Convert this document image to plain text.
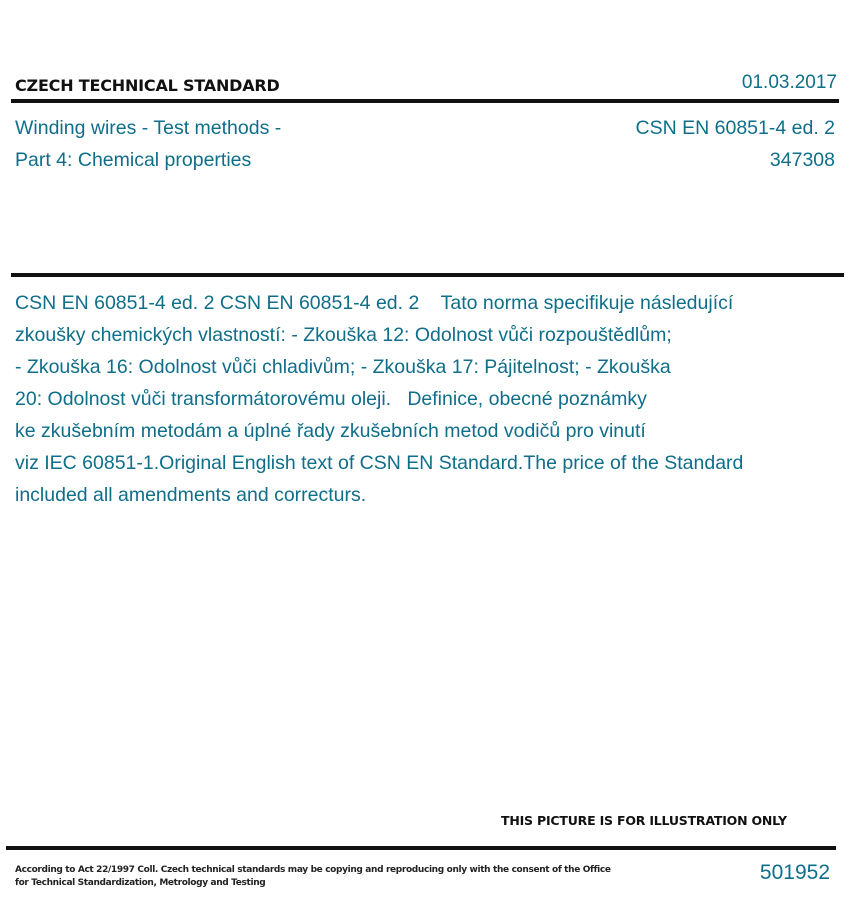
CZECH TECHNICAL STANDARD	01.03.2017
Winding wires - Test methods -
Part 4: Chemical properties
CSN EN 60851-4 ed. 2
347308
CSN EN 60851-4 ed. 2 CSN EN 60851-4 ed. 2    Tato norma specifikuje následující
zkoušky chemických vlastností: - Zkouška 12: Odolnost vůči rozpouštědlům;
- Zkouška 16: Odolnost vůči chladivům; - Zkouška 17: Pájitelnost; - Zkouška
20: Odolnost vůči transformátorovému oleji.   Definice, obecné poznámky
ke zkušebním metodám a úplné řady zkušebních metod vodičů pro vinutí
viz IEC 60851-1.Original English text of CSN EN Standard.The price of the Standard
included all amendments and correcturs.
THIS PICTURE IS FOR ILLUSTRATION ONLY
According to Act 22/1997 Coll. Czech technical standards may be copying and reproducing only with the consent of the Office
for Technical Standardization, Metrology and Testing	501952
